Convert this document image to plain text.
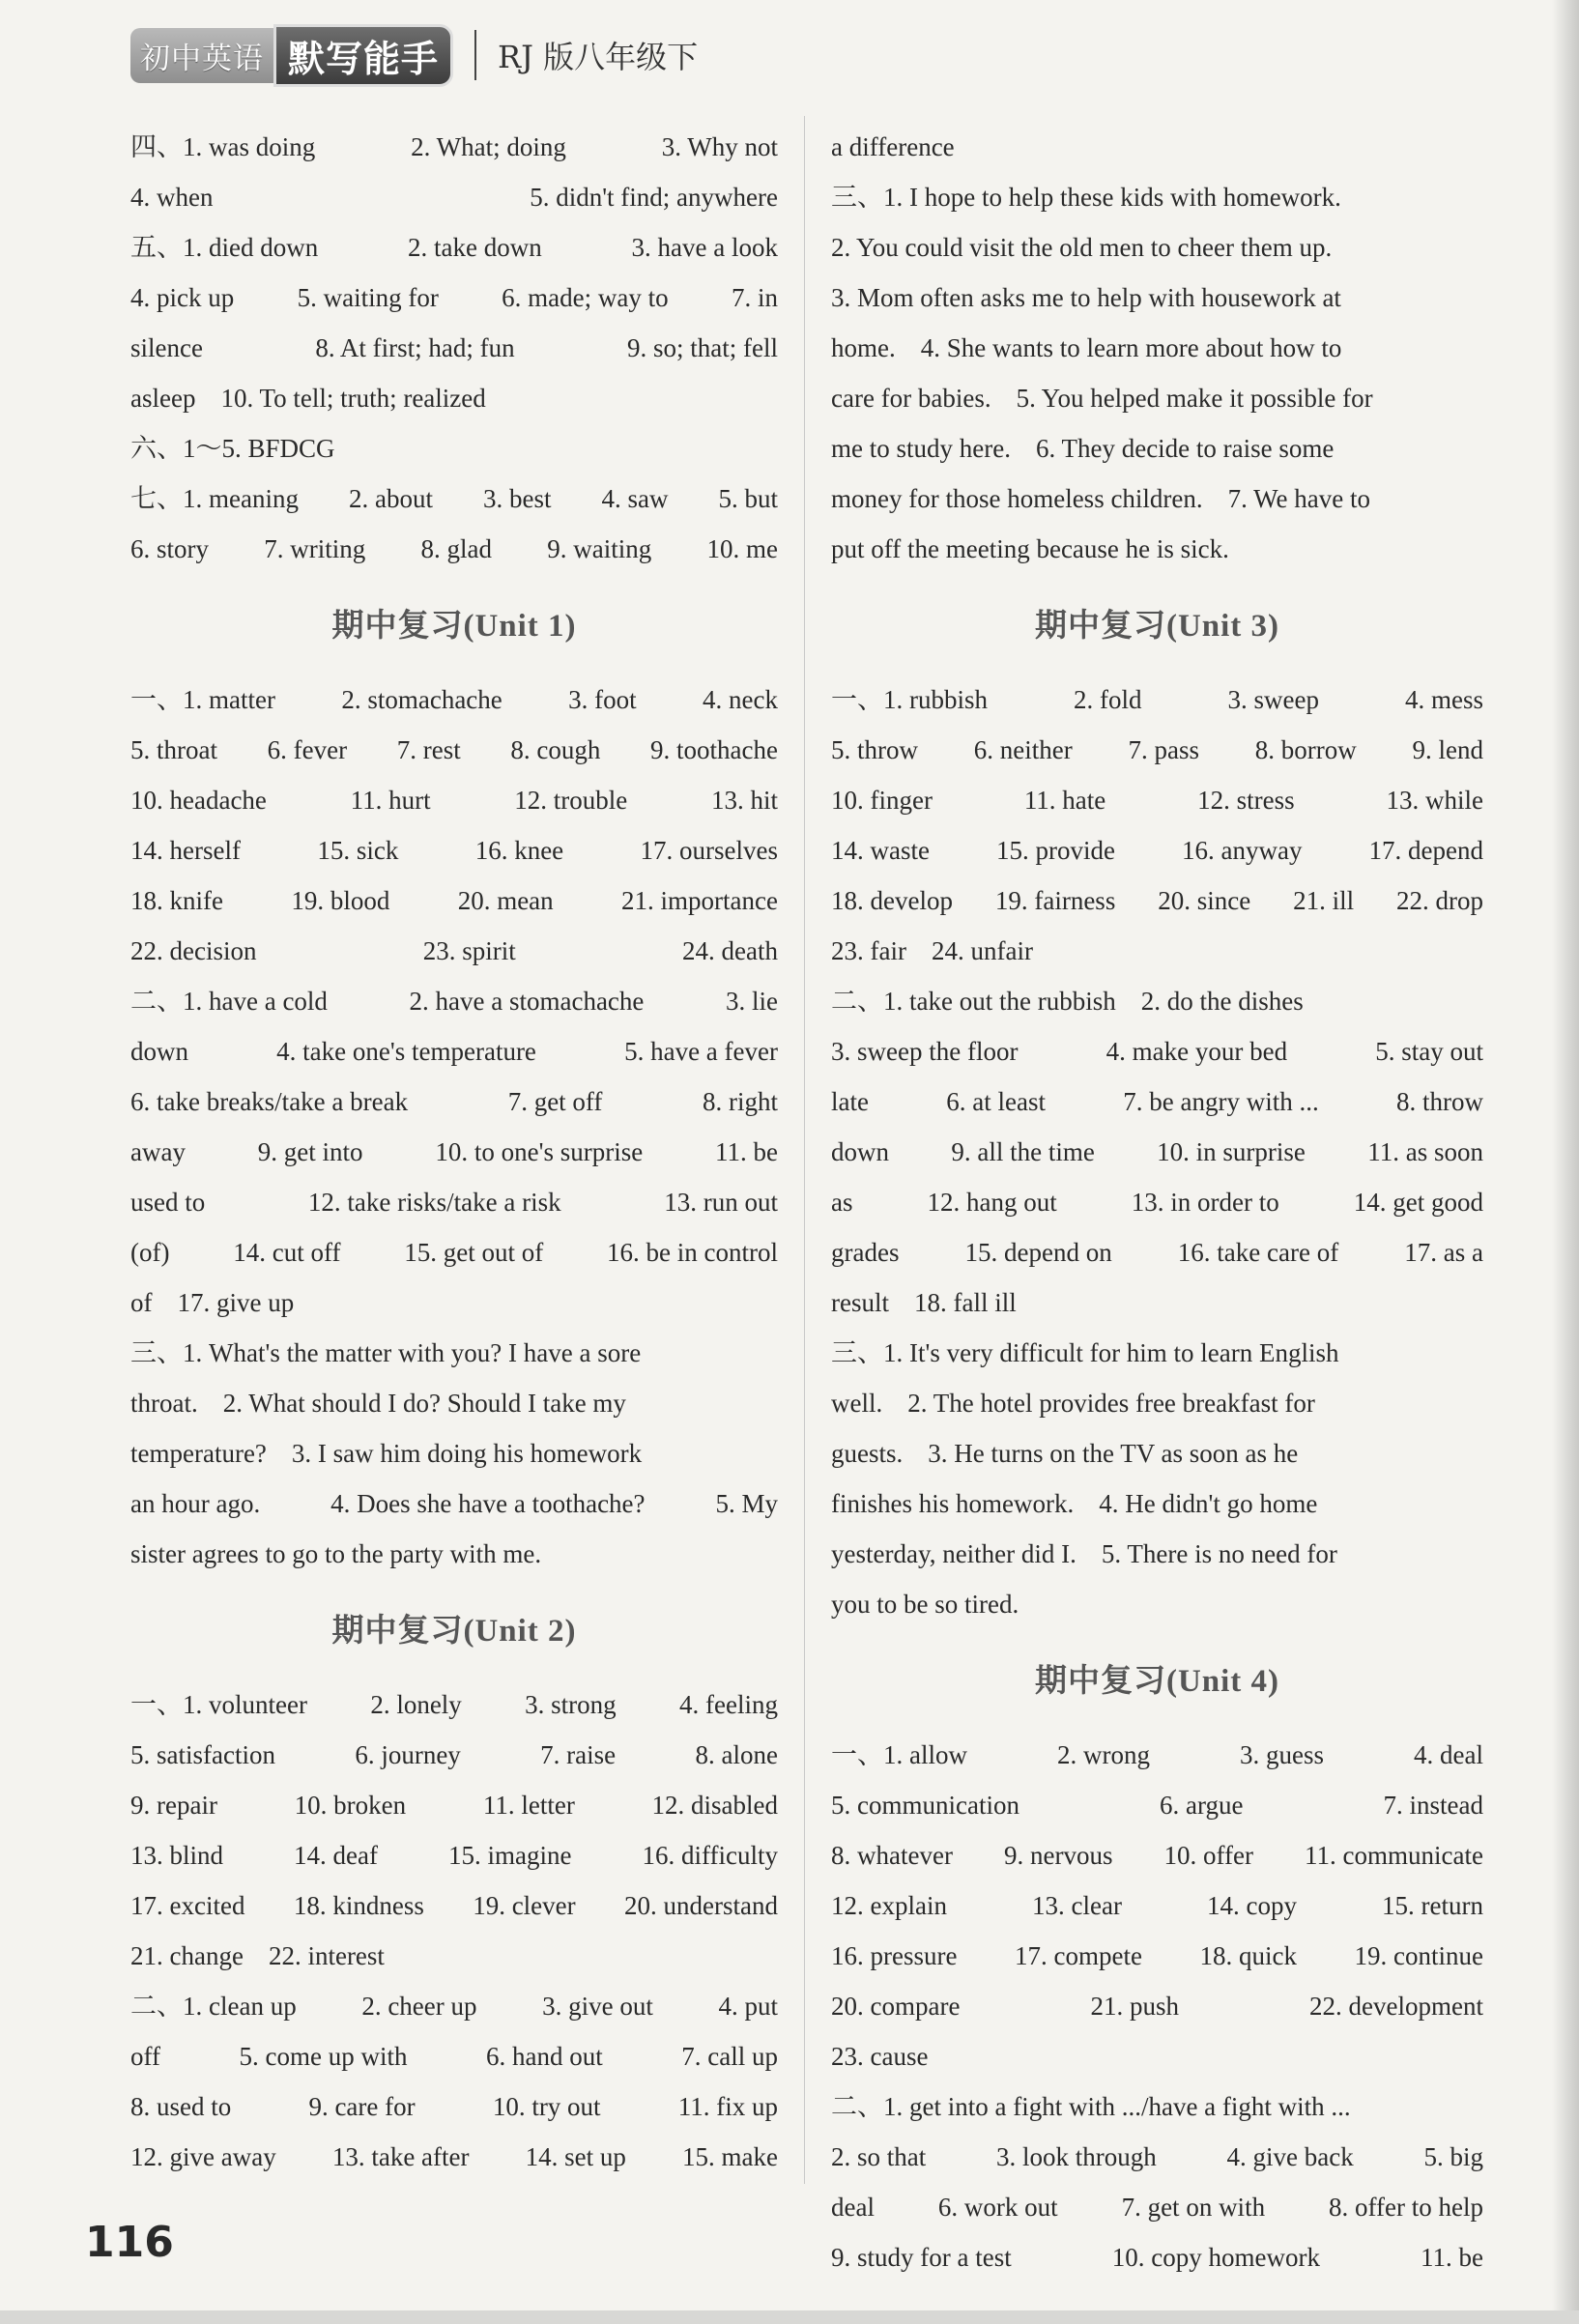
初中英语 默写能手	RJ 版八年级下
四、1. was doing	2. What; doing	3. Why not
4. when	5. didn't find; anywhere
五、1. died down	2. take down	3. have a look
4. pick up 5. waiting for 6. made; way to 7. in
silence	8. At first; had; fun	9. so; that; fell
asleep 10. To tell; truth; realized
六、1～5. BFDCG
七、1. meaning 2. about 3. best 4. saw 5. but
6. story 7. writing 8. glad 9. waiting 10. me
期中复习(Unit 1)
一、1. matter	2. stomachache	3. foot	4. neck
5. throat 6. fever 7. rest 8. cough 9. toothache
10. headache	11. hurt	12. trouble	13. hit
14. herself	15. sick	16. knee	17. ourselves
18. knife	19. blood	20. mean	21. importance
22. decision	23. spirit	24. death
二、1. have a cold	2. have a stomachache	3. lie
down	4. take one's temperature	5. have a fever
6. take breaks/take a break	7. get off	8. right
away	9. get into	10. to one's surprise	11. be
used to	12. take risks/take a risk	13. run out
(of) 14. cut off 15. get out of 16. be in control
of 17. give up
三、1. What's the matter with you? I have a sore
throat. 2. What should I do? Should I take my
temperature? 3. I saw him doing his homework
an hour ago.	4. Does she have a toothache?	5. My
sister agrees to go to the party with me.
期中复习(Unit 2)
一、1. volunteer 2. lonely 3. strong 4. feeling
5. satisfaction	6. journey	7. raise	8. alone
9. repair	10. broken	11. letter	12. disabled
13. blind	14. deaf	15. imagine	16. difficulty
17. excited 18. kindness 19. clever 20. understand
21. change 22. interest
二、1. clean up	2. cheer up	3. give out	4. put
off	5. come up with	6. hand out	7. call up
8. used to	9. care for	10. try out	11. fix up
12. give away 13. take after 14. set up 15. make
a difference
三、1. I hope to help these kids with homework.
2. You could visit the old men to cheer them up.
3. Mom often asks me to help with housework at
home. 4. She wants to learn more about how to
care for babies. 5. You helped make it possible for
me to study here. 6. They decide to raise some
money for those homeless children. 7. We have to
put off the meeting because he is sick.
期中复习(Unit 3)
一、1. rubbish	2. fold	3. sweep	4. mess
5. throw 6. neither 7. pass 8. borrow 9. lend
10. finger	11. hate	12. stress	13. while
14. waste	15. provide	16. anyway	17. depend
18. develop 19. fairness 20. since 21. ill 22. drop
23. fair 24. unfair
二、1. take out the rubbish 2. do the dishes
3. sweep the floor	4. make your bed	5. stay out
late	6. at least	7. be angry with ...	8. throw
down 9. all the time 10. in surprise 11. as soon
as	12. hang out	13. in order to	14. get good
grades	15. depend on	16. take care of	17. as a
result 18. fall ill
三、1. It's very difficult for him to learn English
well. 2. The hotel provides free breakfast for
guests. 3. He turns on the TV as soon as he
finishes his homework. 4. He didn't go home
yesterday, neither did I. 5. There is no need for
you to be so tired.
期中复习(Unit 4)
一、1. allow	2. wrong	3. guess	4. deal
5. communication	6. argue	7. instead
8. whatever 9. nervous 10. offer 11. communicate
12. explain	13. clear	14. copy	15. return
16. pressure 17. compete 18. quick 19. continue
20. compare	21. push	22. development
23. cause
二、1. get into a fight with .../have a fight with ...
2. so that	3. look through	4. give back	5. big
deal 6. work out 7. get on with 8. offer to help
9. study for a test	10. copy homework	11. be
116
